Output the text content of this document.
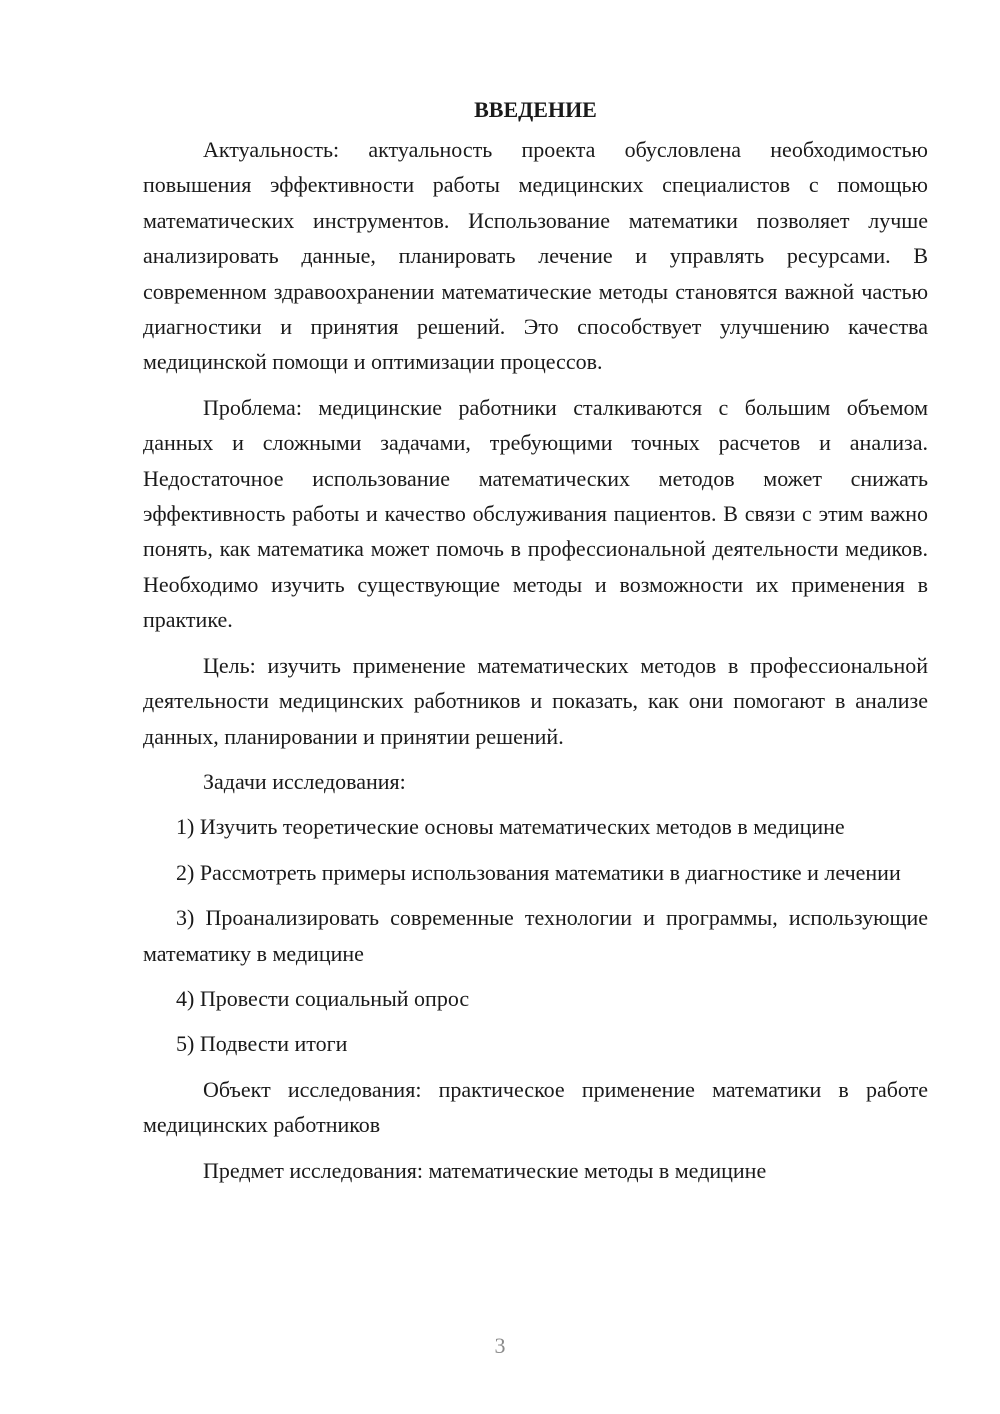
ВВЕДЕНИЕ

Актуальность: актуальность проекта обусловлена необходимостью повышения эффективности работы медицинских специалистов с помощью математических инструментов. Использование математики позволяет лучше анализировать данные, планировать лечение и управлять ресурсами. В современном здравоохранении математические методы становятся важной частью диагностики и принятия решений. Это способствует улучшению качества медицинской помощи и оптимизации процессов.

Проблема: медицинские работники сталкиваются с большим объемом данных и сложными задачами, требующими точных расчетов и анализа. Недостаточное использование математических методов может снижать эффективность работы и качество обслуживания пациентов. В связи с этим важно понять, как математика может помочь в профессиональной деятельности медиков. Необходимо изучить существующие методы и возможности их применения в практике.

Цель: изучить применение математических методов в профессиональной деятельности медицинских работников и показать, как они помогают в анализе данных, планировании и принятии решений.

Задачи исследования:

1) Изучить теоретические основы математических методов в медицине

2) Рассмотреть примеры использования математики в диагностике и лечении

3) Проанализировать современные технологии и программы, использующие математику в медицине

4) Провести социальный опрос

5) Подвести итоги

Объект исследования: практическое применение математики в работе медицинских работников

Предмет исследования: математические методы в медицине

3
